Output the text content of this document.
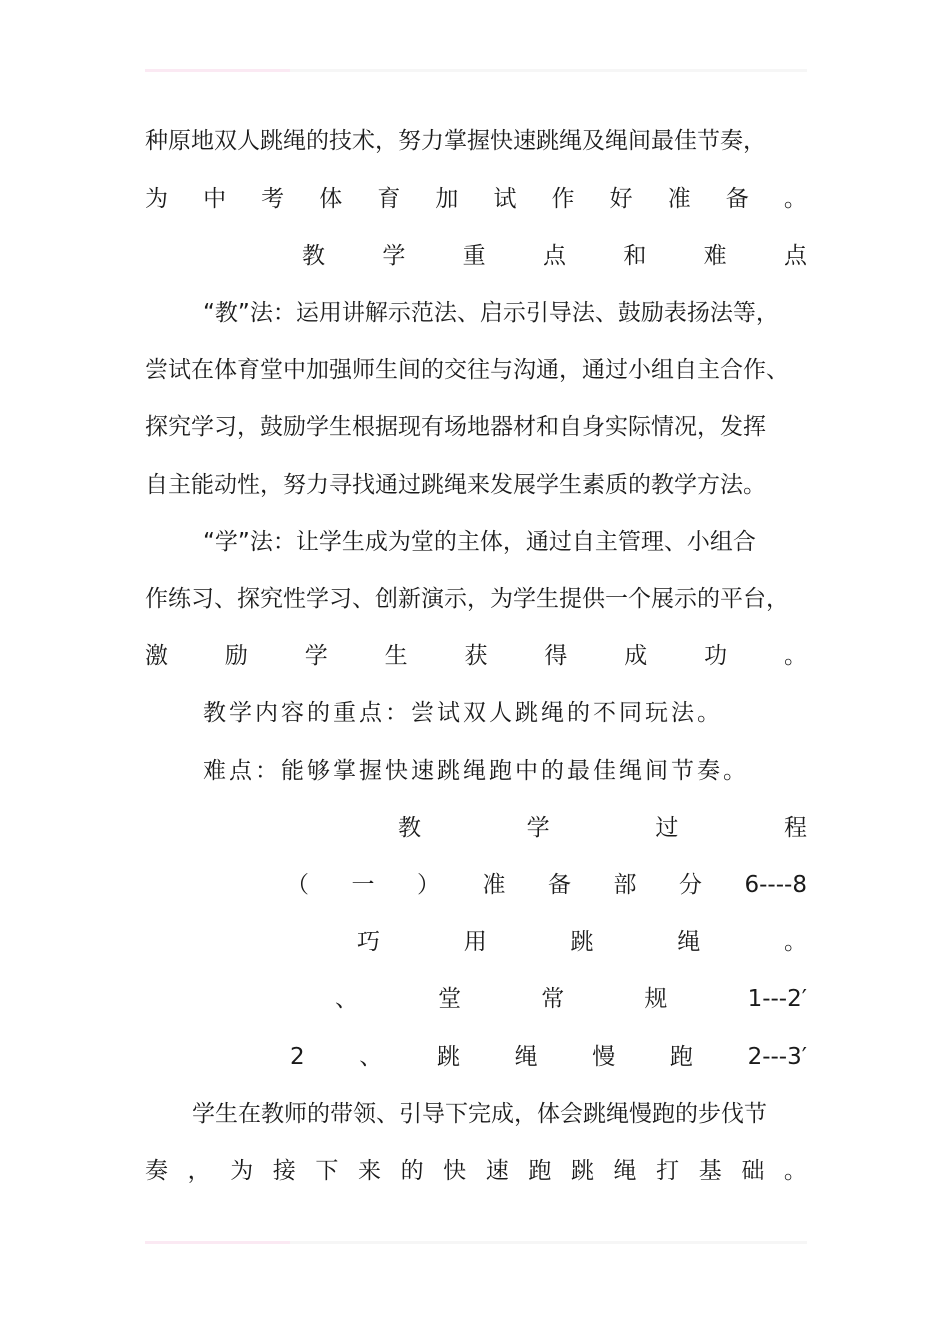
种原地双人跳绳的技术，努力掌握快速跳绳及绳间最佳节奏，
为 中 考 体 育 加 试 作 好 准 备 。
教 学 重 点 和 难 点
“教”法：运用讲解示范法、启示引导法、鼓励表扬法等，
尝试在体育堂中加强师生间的交往与沟通，通过小组自主合作、
探究学习，鼓励学生根据现有场地器材和自身实际情况，发挥
自主能动性，努力寻找通过跳绳来发展学生素质的教学方法。
“学”法：让学生成为堂的主体，通过自主管理、小组合
作练习、探究性学习、创新演示，为学生提供一个展示的平台，
激 励 学 生 获 得 成 功 。
教学内容的重点：尝试双人跳绳的不同玩法。
难点：能够掌握快速跳绳跑中的最佳绳间节奏。
教	学	过	程
（ 一 ） 准 备 部 分 6----8
巧	用	跳	绳	。
、	堂	常	规	1---2′
2 、 跳 绳 慢 跑 2---3′
学生在教师的带领、引导下完成，体会跳绳慢跑的步伐节
奏 ， 为 接 下 来 的 快 速 跑 跳 绳 打 基 础 。
